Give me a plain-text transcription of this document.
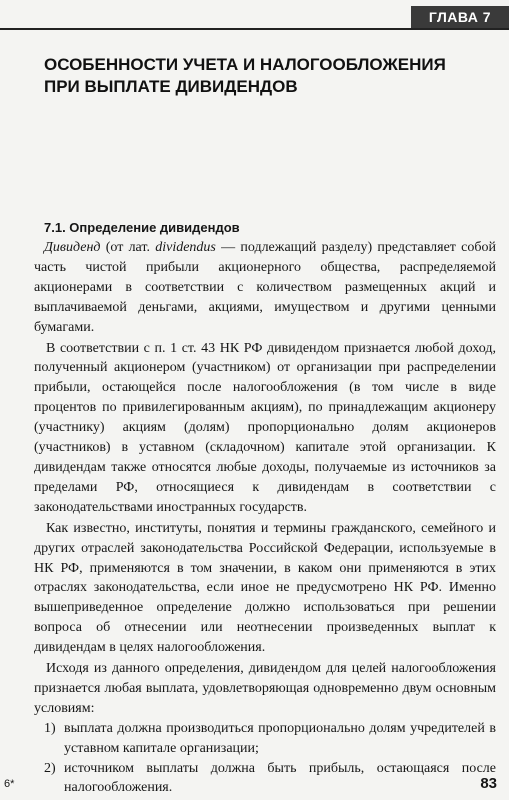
ГЛАВА 7
ОСОБЕННОСТИ УЧЕТА И НАЛОГООБЛОЖЕНИЯ
ПРИ ВЫПЛАТЕ ДИВИДЕНДОВ
7.1. Определение дивидендов

Дивиденд (от лат. dividendus — подлежащий разделу) представляет собой часть чистой прибыли акционерного общества, распределяемой акционерами в соответствии с количеством размещенных акций и выплачиваемой деньгами, акциями, имуществом и другими ценными бумагами.

В соответствии с п. 1 ст. 43 НК РФ дивидендом признается любой доход, полученный акционером (участником) от организации при распределении прибыли, остающейся после налогообложения (в том числе в виде процентов по привилегированным акциям), по принадлежащим акционеру (участнику) акциям (долям) пропорционально долям акционеров (участников) в уставном (складочном) капитале этой организации. К дивидендам также относятся любые доходы, получаемые из источников за пределами РФ, относящиеся к дивидендам в соответствии с законодательствами иностранных государств.

Как известно, институты, понятия и термины гражданского, семейного и других отраслей законодательства Российской Федерации, используемые в НК РФ, применяются в том значении, в каком они применяются в этих отраслях законодательства, если иное не предусмотрено НК РФ. Именно вышеприведенное определение должно использоваться при решении вопроса об отнесении или неотнесении произведенных выплат к дивидендам в целях налогообложения.

Исходя из данного определения, дивидендом для целей налогообложения признается любая выплата, удовлетворяющая одновременно двум основным условиям:

1) выплата должна производиться пропорционально долям учредителей в уставном капитале организации;
2) источником выплаты должна быть прибыль, остающаяся после налогообложения.
6*	83
